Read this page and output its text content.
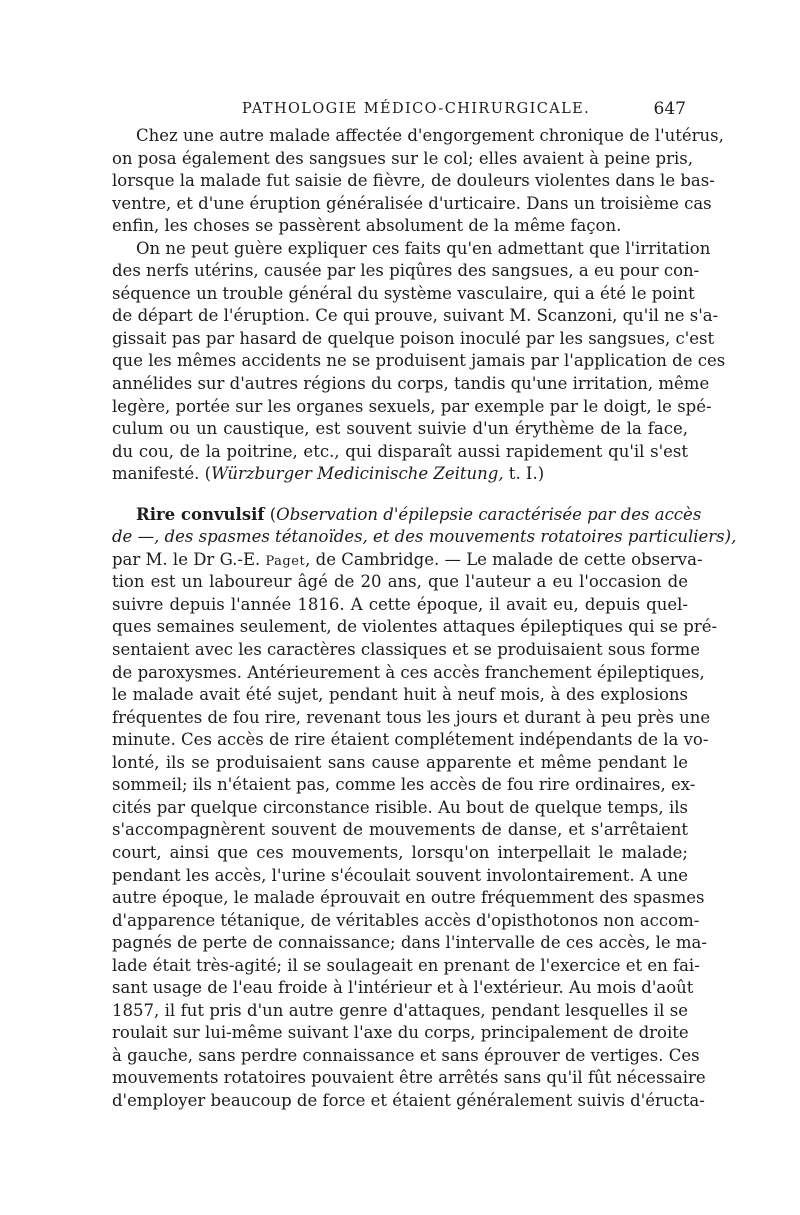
PATHOLOGIE MÉDICO-CHIRURGICALE.	647
Chez une autre malade affectée d'engorgement chronique de l'utérus,
on posa également des sangsues sur le col; elles avaient à peine pris,
lorsque la malade fut saisie de fièvre, de douleurs violentes dans le bas-
ventre, et d'une éruption généralisée d'urticaire. Dans un troisième cas
enfin, les choses se passèrent absolument de la même façon.
On ne peut guère expliquer ces faits qu'en admettant que l'irritation
des nerfs utérins, causée par les piqûres des sangsues, a eu pour con-
séquence un trouble général du système vasculaire, qui a été le point
de départ de l'éruption. Ce qui prouve, suivant M. Scanzoni, qu'il ne s'a-
gissait pas par hasard de quelque poison inoculé par les sangsues, c'est
que les mêmes accidents ne se produisent jamais par l'application de ces
annélides sur d'autres régions du corps, tandis qu'une irritation, même
legère, portée sur les organes sexuels, par exemple par le doigt, le spé-
culum ou un caustique, est souvent suivie d'un érythème de la face,
du cou, de la poitrine, etc., qui disparaît aussi rapidement qu'il s'est
manifesté. (Würzburger Medicinische Zeitung, t. I.)
Rire convulsif (Observation d'épilepsie caractérisée par des accès
de —, des spasmes tétanoïdes, et des mouvements rotatoires particuliers),
par M. le Dr G.-E. Paget, de Cambridge. — Le malade de cette observa-
tion est un laboureur âgé de 20 ans, que l'auteur a eu l'occasion de
suivre depuis l'année 1816. A cette époque, il avait eu, depuis quel-
ques semaines seulement, de violentes attaques épileptiques qui se pré-
sentaient avec les caractères classiques et se produisaient sous forme
de paroxysmes. Antérieurement à ces accès franchement épileptiques,
le malade avait été sujet, pendant huit à neuf mois, à des explosions
fréquentes de fou rire, revenant tous les jours et durant à peu près une
minute. Ces accès de rire étaient complétement indépendants de la vo-
lonté, ils se produisaient sans cause apparente et même pendant le
sommeil; ils n'étaient pas, comme les accès de fou rire ordinaires, ex-
cités par quelque circonstance risible. Au bout de quelque temps, ils
s'accompagnèrent souvent de mouvements de danse, et s'arrêtaient
court, ainsi que ces mouvements, lorsqu'on interpellait le malade;
pendant les accès, l'urine s'écoulait souvent involontairement. A une
autre époque, le malade éprouvait en outre fréquemment des spasmes
d'apparence tétanique, de véritables accès d'opisthotonos non accom-
pagnés de perte de connaissance; dans l'intervalle de ces accès, le ma-
lade était très-agité; il se soulageait en prenant de l'exercice et en fai-
sant usage de l'eau froide à l'intérieur et à l'extérieur. Au mois d'août
1857, il fut pris d'un autre genre d'attaques, pendant lesquelles il se
roulait sur lui-même suivant l'axe du corps, principalement de droite
à gauche, sans perdre connaissance et sans éprouver de vertiges. Ces
mouvements rotatoires pouvaient être arrêtés sans qu'il fût nécessaire
d'employer beaucoup de force et étaient généralement suivis d'éructa-
